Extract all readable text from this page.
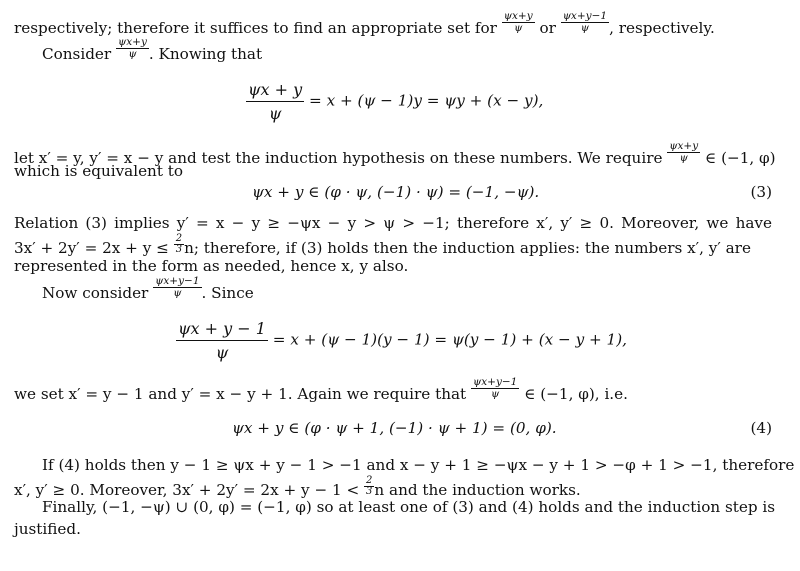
respectively; therefore it suffices to find an appropriate set for $\frac{\psi x+y}{\psi}$ or $\frac{\psi x+y-1}{\psi}$ , respectively.
Consider $\frac{\psi x+y}{\psi}$ . Knowing that
$\frac{\psi x + y}{\psi} = x + (\psi - 1)y = \psi y + (x - y)$,
let x′ = y, y′ = x − y and test the induction hypothesis on these numbers. We require $\frac{\psi x+y}{\psi}$ ∈ (−1, φ)
which is equivalent to
ψx + y ∈ (φ · ψ, (−1) · ψ) = (−1, −ψ).	(3)
Relation (3) implies y′ = x − y ≥ −ψx − y > ψ > −1; therefore x′, y′ ≥ 0. Moreover, we have
$3x' + 2y' = 2x + y \le \frac{2}{3} n$; therefore, if (3) holds then the induction applies: the numbers x′, y′ are
represented in the form as needed, hence x, y also.
Now consider $\frac{\psi x+y-1}{\psi}$ . Since
$\frac{\psi x + y - 1}{\psi} = x + (\psi - 1)(y - 1) = \psi(y - 1) + (x - y + 1)$,
we set x′ = y − 1 and y′ = x − y + 1. Again we require that $\frac{\psi x+y-1}{\psi}$ ∈ (−1, φ), i.e.
ψx + y ∈ (φ · ψ + 1, (−1) · ψ + 1) = (0, φ).	(4)
If (4) holds then y − 1 ≥ ψx + y − 1 > −1 and x − y + 1 ≥ −ψx − y + 1 > −φ + 1 > −1, therefore
x′, y′ ≥ 0. Moreover, $3x' + 2y' = 2x + y - 1 < \frac{2}{3}$ n and the induction works.
Finally, (−1, −ψ) ∪ (0, φ) = (−1, φ) so at least one of (3) and (4) holds and the induction step is
justified.
